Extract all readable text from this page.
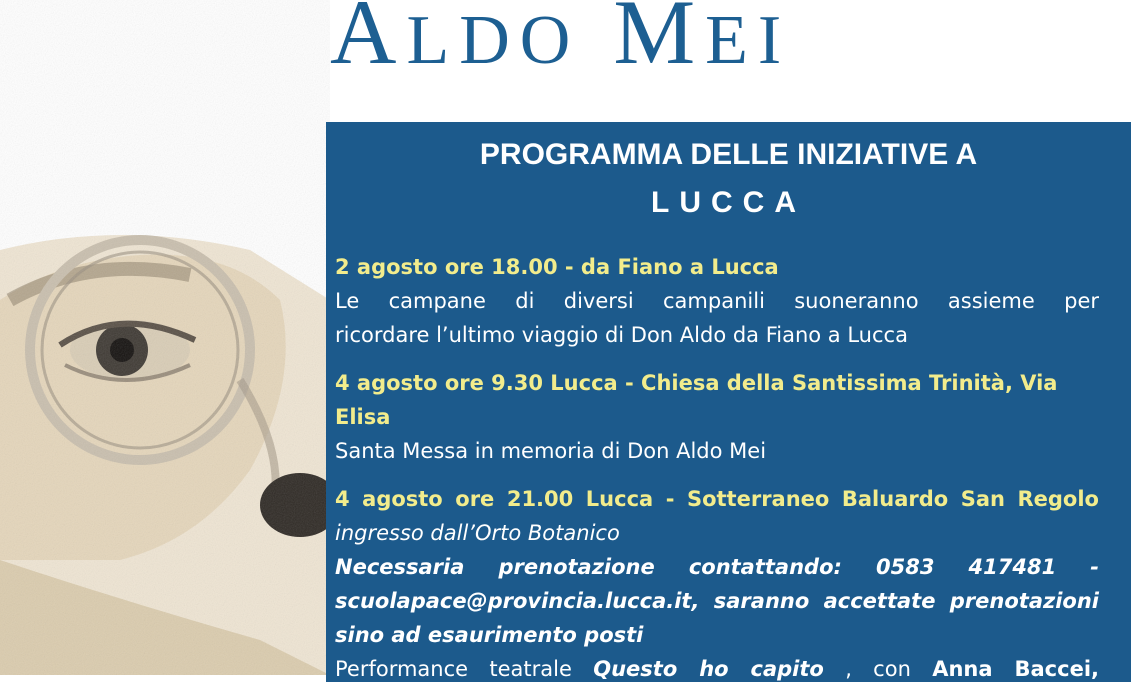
ALDO MEI
PROGRAMMA DELLE INIZIATIVE A
LUCCA
2 agosto ore 18.00 - da Fiano a Lucca
Le campane di diversi campanili suoneranno assieme per
ricordare l’ultimo viaggio di Don Aldo da Fiano a Lucca
4 agosto ore 9.30 Lucca - Chiesa della Santissima Trinità, Via Elisa
Santa Messa in memoria di Don Aldo Mei
4 agosto ore 21.00 Lucca - Sotterraneo Baluardo San Regolo
ingresso dall’Orto Botanico
Necessaria prenotazione contattando: 0583 417481 -
scuolapace@provincia.lucca.it, saranno accettate prenotazioni
sino ad esaurimento posti
Performance teatrale Questo ho capito , con Anna Baccei,
